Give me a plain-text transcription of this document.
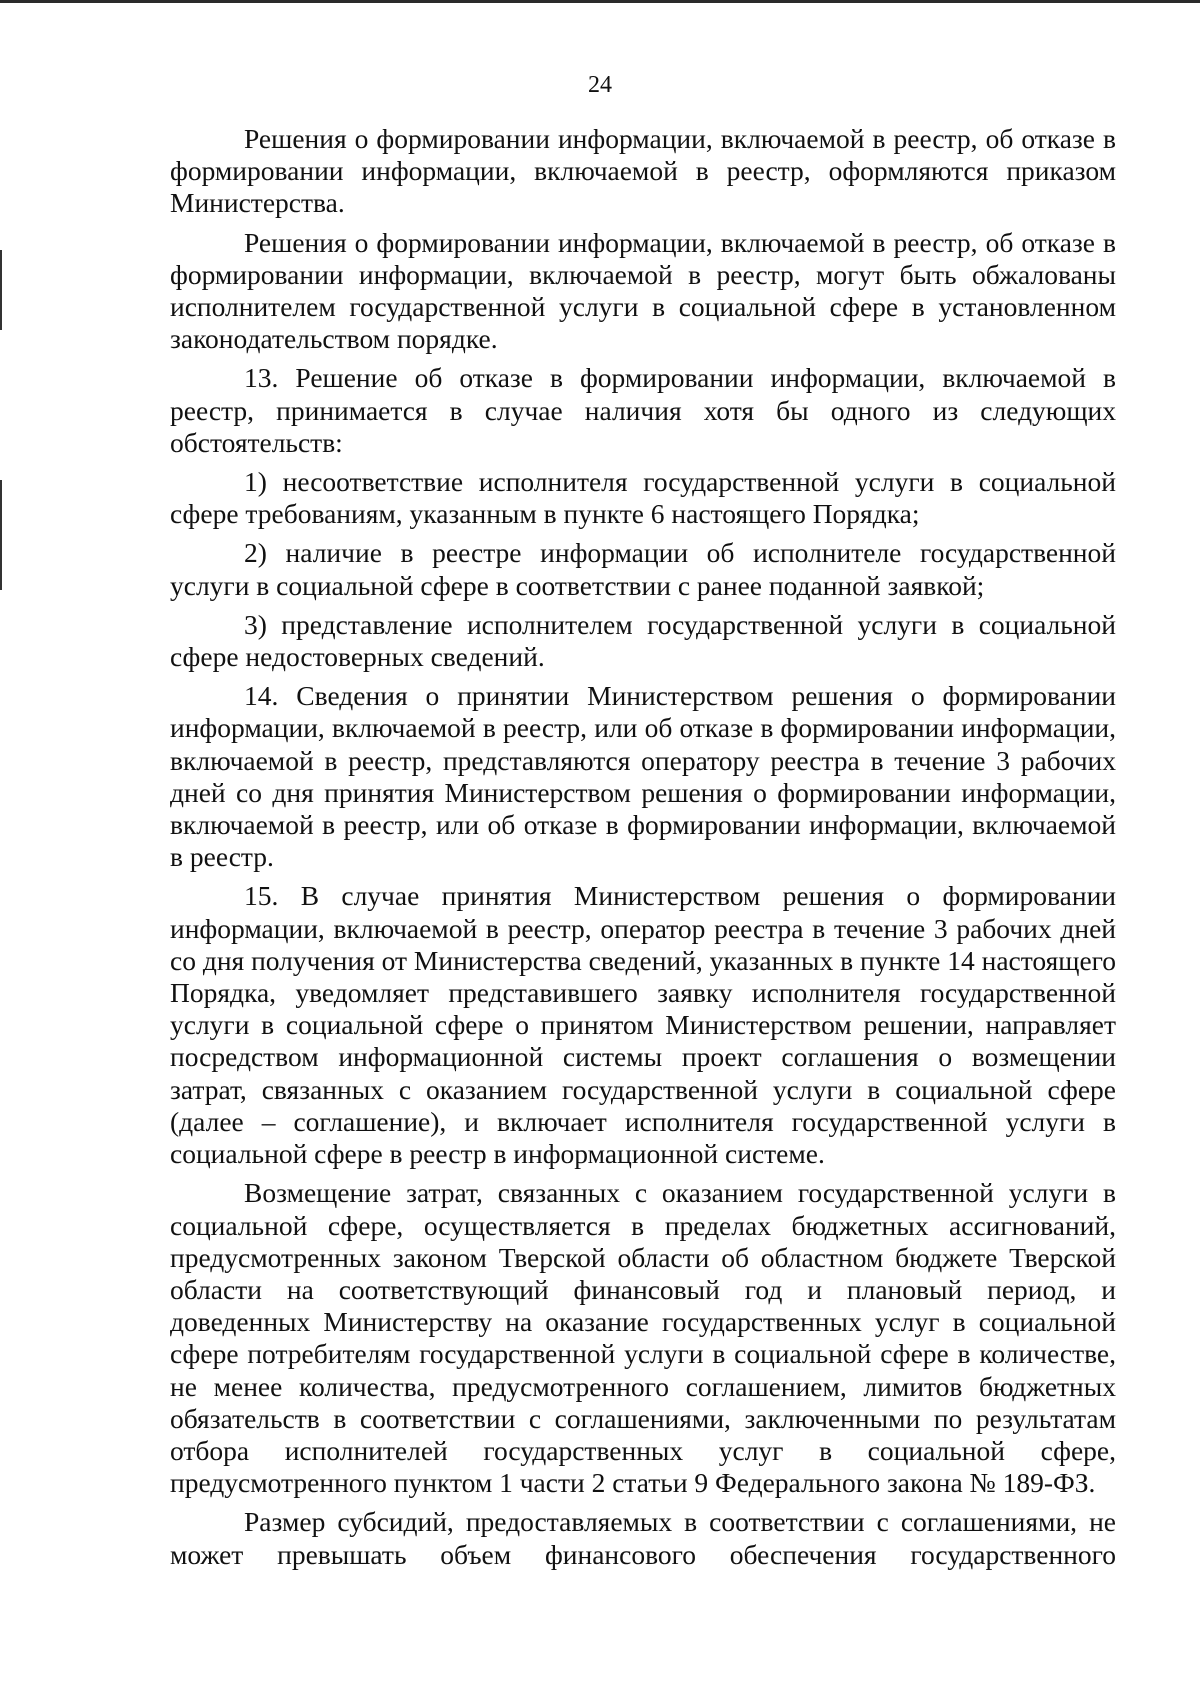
24

Решения о формировании информации, включаемой в реестр, об отказе в формировании информации, включаемой в реестр, оформляются приказом Министерства.

Решения о формировании информации, включаемой в реестр, об отказе в формировании информации, включаемой в реестр, могут быть обжалованы исполнителем государственной услуги в социальной сфере в установленном законодательством порядке.

13. Решение об отказе в формировании информации, включаемой в реестр, принимается в случае наличия хотя бы одного из следующих обстоятельств:

1) несоответствие исполнителя государственной услуги в социальной сфере требованиям, указанным в пункте 6 настоящего Порядка;

2) наличие в реестре информации об исполнителе государственной услуги в социальной сфере в соответствии с ранее поданной заявкой;

3) представление исполнителем государственной услуги в социальной сфере недостоверных сведений.

14. Сведения о принятии Министерством решения о формировании информации, включаемой в реестр, или об отказе в формировании информации, включаемой в реестр, представляются оператору реестра в течение 3 рабочих дней со дня принятия Министерством решения о формировании информации, включаемой в реестр, или об отказе в формировании информации, включаемой в реестр.

15. В случае принятия Министерством решения о формировании информации, включаемой в реестр, оператор реестра в течение 3 рабочих дней со дня получения от Министерства сведений, указанных в пункте 14 настоящего Порядка, уведомляет представившего заявку исполнителя государственной услуги в социальной сфере о принятом Министерством решении, направляет посредством информационной системы проект соглашения о возмещении затрат, связанных с оказанием государственной услуги в социальной сфере (далее – соглашение), и включает исполнителя государственной услуги в социальной сфере в реестр в информационной системе.

Возмещение затрат, связанных с оказанием государственной услуги в социальной сфере, осуществляется в пределах бюджетных ассигнований, предусмотренных законом Тверской области об областном бюджете Тверской области на соответствующий финансовый год и плановый период, и доведенных Министерству на оказание государственных услуг в социальной сфере потребителям государственной услуги в социальной сфере в количестве, не менее количества, предусмотренного соглашением, лимитов бюджетных обязательств в соответствии с соглашениями, заключенными по результатам отбора исполнителей государственных услуг в социальной сфере, предусмотренного пунктом 1 части 2 статьи 9 Федерального закона № 189-ФЗ.

Размер субсидий, предоставляемых в соответствии с соглашениями, не может превышать объем финансового обеспечения государственного
